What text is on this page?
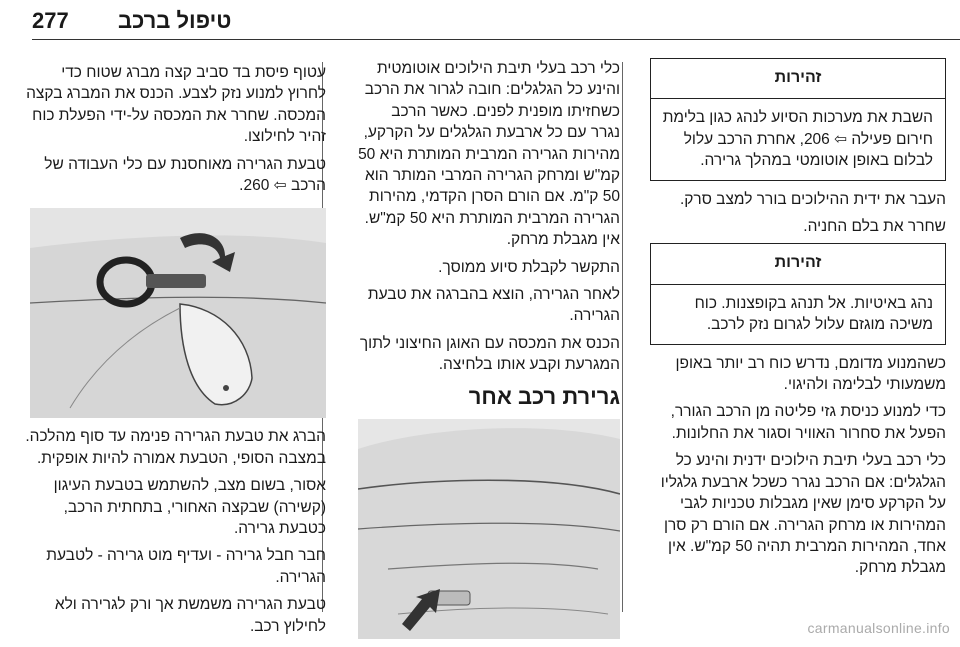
277 טיפול ברכב
זהירות
השבת את מערכות הסיוע לנהג כגון בלימת חירום פעילה ⇦ 206, אחרת הרכב עלול לבלום באופן אוטומטי במהלך גרירה.

העבר את ידית ההילוכים בורר למצב סרק.

שחרר את בלם החניה.

זהירות
נהג באיטיות. אל תנהג בקופצנות. כוח משיכה מוגזם עלול לגרום נזק לרכב.

כשהמנוע מדומם, נדרש כוח רב יותר באופן משמעותי לבלימה ולהיגוי.

כדי למנוע כניסת גזי פליטה מן הרכב הגורר, הפעל את סחרור האוויר וסגור את החלונות.

כלי רכב בעלי תיבת הילוכים ידנית והינע כל הגלגלים: אם הרכב נגרר כשכל ארבעת גלגליו על הקרקע סימן שאין מגבלות טכניות לגבי המהירות או מרחק הגרירה. אם הורם רק סרן אחד, המהירות המרבית תהיה 50 קמ"ש. אין מגבלת מרחק.

כלי רכב בעלי תיבת הילוכים אוטומטית והינע כל הגלגלים: חובה לגרור את הרכב כשחזיתו מופנית לפנים. כאשר הרכב נגרר עם כל ארבעת הגלגלים על הקרקע, מהירות הגרירה המרבית המותרת היא 50 קמ"ש ומרחק הגרירה המרבי המותר הוא 50 ק"מ. אם הורם הסרן הקדמי, מהירות הגרירה המרבית המותרת היא 50 קמ"ש. אין מגבלת מרחק.

התקשר לקבלת סיוע ממוסך.

לאחר הגרירה, הוצא בהברגה את טבעת הגרירה.

הכנס את המכסה עם האוגן החיצוני לתוך המגרעת וקבע אותו בלחיצה.

גרירת רכב אחר

עטוף פיסת בד סביב קצה מברג שטוח כדי לחרוץ למנוע נזק לצבע. הכנס את המברג בקצה המכסה. שחרר את המכסה על-ידי הפעלת כוח זהיר לחילוצו.

טבעת הגרירה מאוחסנת עם כלי העבודה של הרכב ⇦ 260.

הברג את טבעת הגרירה פנימה עד סוף מהלכה. במצבה הסופי, הטבעת אמורה להיות אופקית.

אסור, בשום מצב, להשתמש בטבעת העיגון (קשירה) שבקצה האחורי, בתחתית הרכב, כטבעת גרירה.

חבר חבל גרירה - ועדיף מוט גרירה - לטבעת הגרירה.

טבעת הגרירה משמשת אך ורק לגרירה ולא לחילוץ רכב.	carmanualsonline.info
